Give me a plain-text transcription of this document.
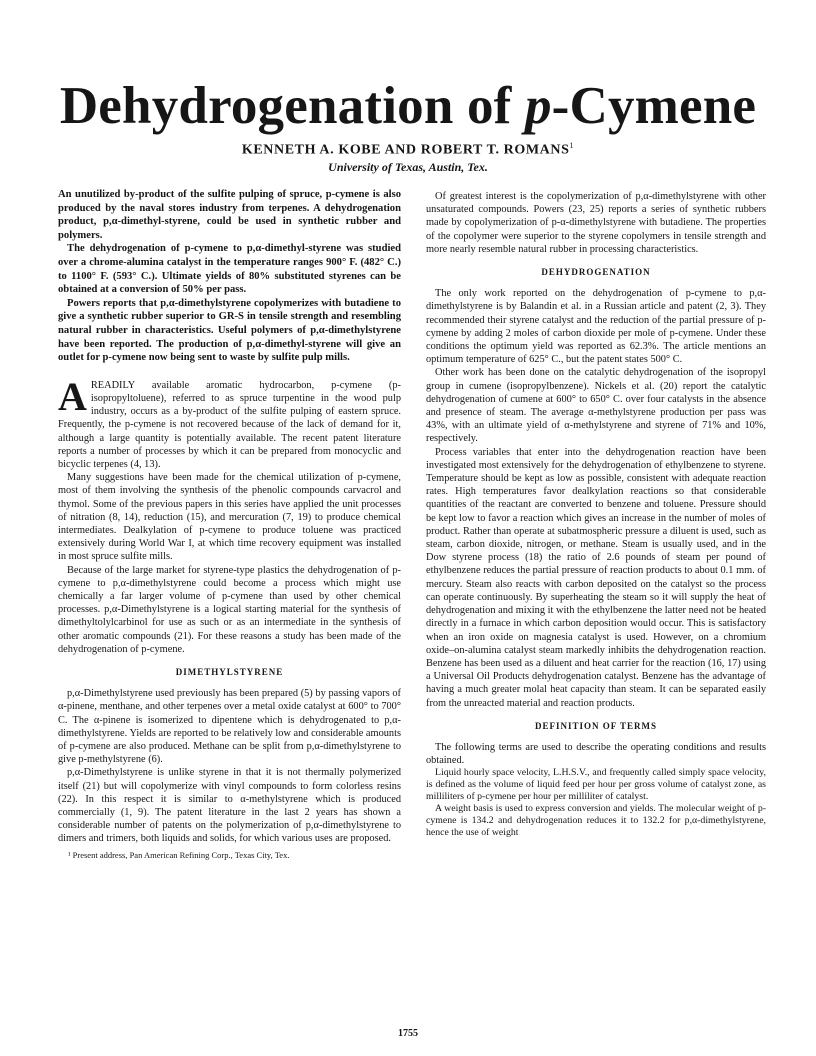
Dehydrogenation of p-Cymene
KENNETH A. KOBE AND ROBERT T. ROMANS$^1$
University of Texas, Austin, Tex.

An unutilized by-product of the sulfite pulping of spruce, p-cymene is also produced by the naval stores industry from terpenes. A dehydrogenation product, p,α-dimethyl-styrene, could be used in synthetic rubber and polymers.

The dehydrogenation of p-cymene to p,α-dimethyl-styrene was studied over a chrome-alumina catalyst in the temperature ranges 900° F. (482° C.) to 1100° F. (593° C.). Ultimate yields of 80% substituted styrenes can be obtained at a conversion of 50% per pass.

Powers reports that p,α-dimethylstyrene copolymerizes with butadiene to give a synthetic rubber superior to GR-S in tensile strength and resembling natural rubber in characteristics. Useful polymers of p,α-dimethylstyrene have been reported. The production of p,α-dimethyl-styrene will give an outlet for p-cymene now being sent to waste by sulfite pulp mills.

AREADILY available aromatic hydrocarbon, p-cymene (p-isopropyltoluene), referred to as spruce turpentine in the wood pulp industry, occurs as a by-product of the sulfite pulping of eastern spruce. Frequently, the p-cymene is not recovered because of the lack of demand for it, although a large quantity is potentially available. The recent patent literature reports a number of processes by which it can be prepared from monocyclic and bicyclic terpenes (4, 13).

Many suggestions have been made for the chemical utilization of p-cymene, most of them involving the synthesis of the phenolic compounds carvacrol and thymol. Some of the previous papers in this series have applied the unit processes of nitration (8, 14), reduction (15), and mercuration (7, 19) to produce chemical intermediates. Dealkylation of p-cymene to produce toluene was practiced extensively during World War I, at which time recovery equipment was installed in most spruce sulfite mills.

Because of the large market for styrene-type plastics the dehydrogenation of p-cymene to p,α-dimethylstyrene could become a process which might use chemically a far larger volume of p-cymene than used by other chemical processes. p,α-Dimethylstyrene is a logical starting material for the synthesis of dimethyltolylcarbinol for use as such or as an intermediate in the synthesis of other aromatic compounds (21). For these reasons a study has been made of the dehydrogenation of p-cymene.

DIMETHYLSTYRENE

p,α-Dimethylstyrene used previously has been prepared (5) by passing vapors of α-pinene, menthane, and other terpenes over a metal oxide catalyst at 600° to 700° C. The α-pinene is isomerized to dipentene which is dehydrogenated to p,α-dimethylstyrene. Yields are reported to be relatively low and considerable amounts of p-cymene are also produced. Methane can be split from p,α-dimethylstyrene to give p-methylstyrene (6).

p,α-Dimethylstyrene is unlike styrene in that it is not thermally polymerized itself (21) but will copolymerize with vinyl compounds to form colorless resins (22). In this respect it is similar to α-methylstyrene which is produced commercially (1, 9). The patent literature in the last 2 years has shown a considerable number of patents on the polymerization of p,α-dimethylstyrene to dimers and trimers, both liquids and solids, for which various uses are proposed.

¹ Present address, Pan American Refining Corp., Texas City, Tex.

Of greatest interest is the copolymerization of p,α-dimethylstyrene with other unsaturated compounds. Powers (23, 25) reports a series of synthetic rubbers made by copolymerization of p-α-dimethylstyrene with butadiene. The properties of the copolymer were superior to the styrene copolymers in tensile strength and more nearly resemble natural rubber in processing characteristics.

DEHYDROGENATION

The only work reported on the dehydrogenation of p-cymene to p,α-dimethylstyrene is by Balandin et al. in a Russian article and patent (2, 3). They recommended their styrene catalyst and the reduction of the partial pressure of p-cymene by adding 2 moles of carbon dioxide per mole of p-cymene. Under these conditions the optimum yield was reported as 62.3%. The article mentions an optimum temperature of 625° C., but the patent states 500° C.

Other work has been done on the catalytic dehydrogenation of the isopropyl group in cumene (isopropylbenzene). Nickels et al. (20) report the catalytic dehydrogenation of cumene at 600° to 650° C. over four catalysts in the absence and presence of steam. The average α-methylstyrene production per pass was 43%, with an ultimate yield of α-methylstyrene and styrene of 71% and 10%, respectively.

Process variables that enter into the dehydrogenation reaction have been investigated most extensively for the dehydrogenation of ethylbenzene to styrene. Temperature should be kept as low as possible, consistent with adequate reaction rates. High temperatures favor dealkylation reactions so that considerable quantities of the reactant are converted to benzene and toluene. Pressure should be kept low to favor a reaction which gives an increase in the number of moles of product. Rather than operate at subatmospheric pressure a diluent is used, such as steam, carbon dioxide, nitrogen, or methane. Steam is usually used, and in the Dow styrene process (18) the ratio of 2.6 pounds of steam per pound of ethylbenzene reduces the partial pressure of reaction products to about 0.1 mm. of mercury. Steam also reacts with carbon deposited on the catalyst so the process can operate continuously. By superheating the steam so it will supply the heat of dehydrogenation and mixing it with the ethylbenzene the latter need not be heated directly in a furnace in which carbon deposition would occur. This is satisfactory when an iron oxide on magnesia catalyst is used. However, on a chromium oxide–on-alumina catalyst steam markedly inhibits the dehydrogenation reaction. Benzene has been used as a diluent and heat carrier for the reaction (16, 17) using a Universal Oil Products dehydrogenation catalyst. Benzene has the advantage of having a much greater molal heat capacity than steam. It can be separated easily from the unreacted material and reaction products.

DEFINITION OF TERMS

The following terms are used to describe the operating conditions and results obtained.

Liquid hourly space velocity, L.H.S.V., and frequently called simply space velocity, is defined as the volume of liquid feed per hour per gross volume of catalyst zone, as milliliters of p-cymene per hour per milliliter of catalyst.

A weight basis is used to express conversion and yields. The molecular weight of p-cymene is 134.2 and dehydrogenation reduces it to 132.2 for p,α-dimethylstyrene, hence the use of weight

1755
